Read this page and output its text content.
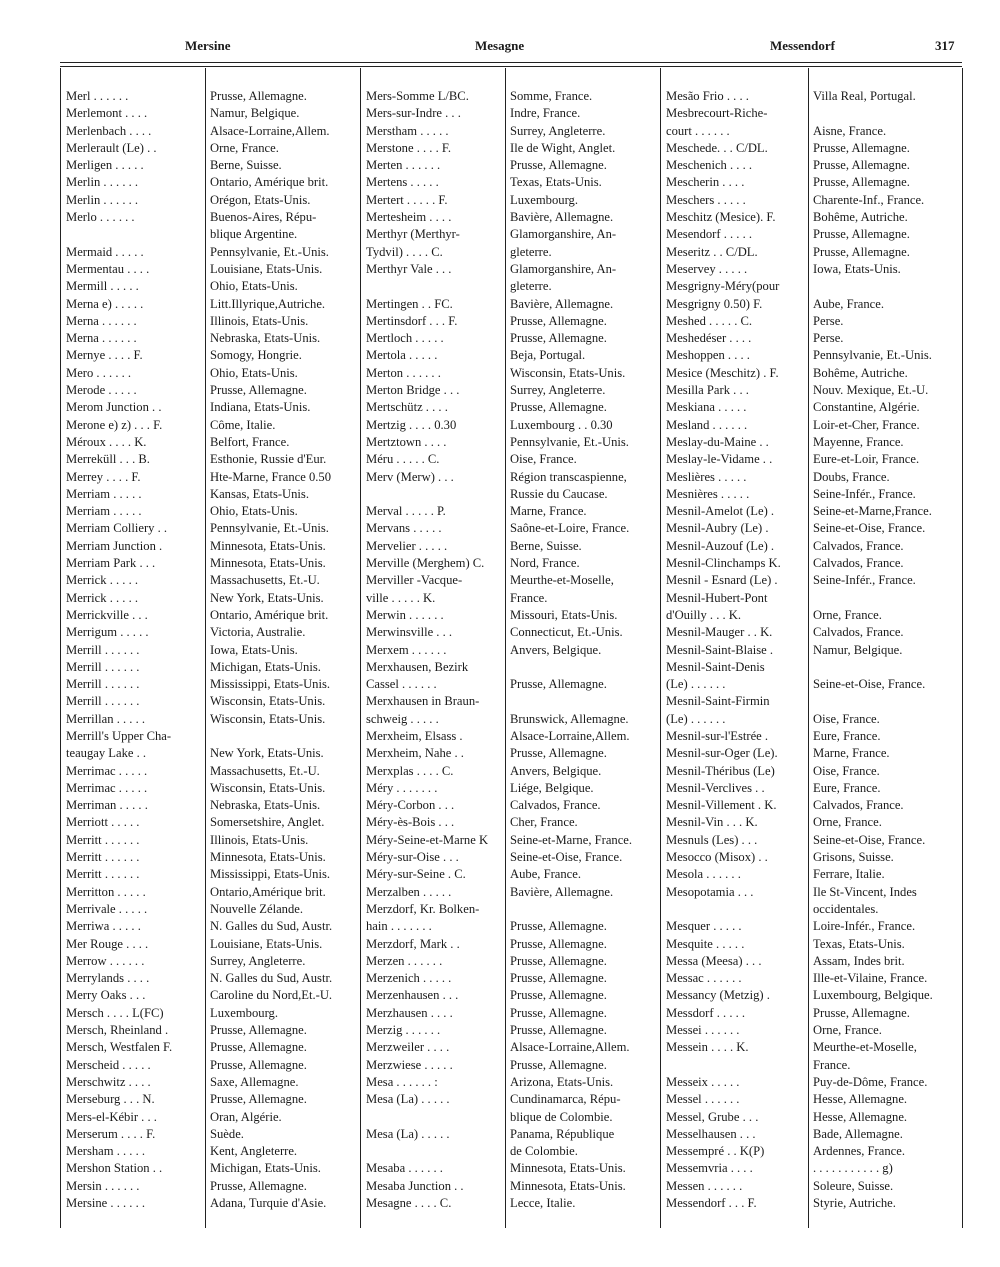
Mersine	Mesagne	Messendorf	317
Merl . . . . . .	Prusse, Allemagne.
Merlemont . . . .	Namur, Belgique.
Merlenbach . . . .	Alsace-Lorraine,Allem.
Merlerault (Le) . .	Orne, France.
Merligen . . . . .	Berne, Suisse.
Merlin . . . . . .	Ontario, Amérique brit.
Merlin . . . . . .	Orégon, Etats-Unis.
Merlo . . . . . .	Buenos-Aires, Répu-
blique Argentine.
Mermaid . . . . .	Pennsylvanie, Et.-Unis.
Mermentau . . . .	Louisiane, Etats-Unis.
Mermill . . . . .	Ohio, Etats-Unis.
Merna e) . . . . .	Litt.Illyrique,Autriche.
Merna . . . . . .	Illinois, Etats-Unis.
Merna . . . . . .	Nebraska, Etats-Unis.
Mernye . . . . F.	Somogy, Hongrie.
Mero . . . . . .	Ohio, Etats-Unis.
Merode . . . . .	Prusse, Allemagne.
Merom Junction . .	Indiana, Etats-Unis.
Merone e) z) . . . F.	Côme, Italie.
Méroux . . . . K.	Belfort, France.
Merreküll . . . B.	Esthonie, Russie d'Eur.
Merrey . . . . F.	Hte-Marne, France 0.50
Merriam . . . . .	Kansas, Etats-Unis.
Merriam . . . . .	Ohio, Etats-Unis.
Merriam Colliery . .	Pennsylvanie, Et.-Unis.
Merriam Junction .	Minnesota, Etats-Unis.
Merriam Park . . .	Minnesota, Etats-Unis.
Merrick . . . . .	Massachusetts, Et.-U.
Merrick . . . . .	New York, Etats-Unis.
Merrickville . . .	Ontario, Amérique brit.
Merrigum . . . . .	Victoria, Australie.
Merrill . . . . . .	Iowa, Etats-Unis.
Merrill . . . . . .	Michigan, Etats-Unis.
Merrill . . . . . .	Mississippi, Etats-Unis.
Merrill . . . . . .	Wisconsin, Etats-Unis.
Merrillan . . . . .	Wisconsin, Etats-Unis.
Merrill's Upper Cha-
teaugay Lake . .	New York, Etats-Unis.
Merrimac . . . . .	Massachusetts, Et.-U.
Merrimac . . . . .	Wisconsin, Etats-Unis.
Merriman . . . . .	Nebraska, Etats-Unis.
Merriott . . . . .	Somersetshire, Anglet.
Merritt . . . . . .	Illinois, Etats-Unis.
Merritt . . . . . .	Minnesota, Etats-Unis.
Merritt . . . . . .	Mississippi, Etats-Unis.
Merritton . . . . .	Ontario,Amérique brit.
Merrivale . . . . .	Nouvelle Zélande.
Merriwa . . . . .	N. Galles du Sud, Austr.
Mer Rouge . . . .	Louisiane, Etats-Unis.
Merrow . . . . . .	Surrey, Angleterre.
Merrylands . . . .	N. Galles du Sud, Austr.
Merry Oaks . . .	Caroline du Nord,Et.-U.
Mersch . . . . L(FC)	Luxembourg.
Mersch, Rheinland .	Prusse, Allemagne.
Mersch, Westfalen F.	Prusse, Allemagne.
Merscheid . . . . .	Prusse, Allemagne.
Merschwitz . . . .	Saxe, Allemagne.
Merseburg . . . N.	Prusse, Allemagne.
Mers-el-Kébir . . .	Oran, Algérie.
Merserum . . . . F.	Suède.
Mersham . . . . .	Kent, Angleterre.
Mershon Station . .	Michigan, Etats-Unis.
Mersin . . . . . .	Prusse, Allemagne.
Mersine . . . . . .	Adana, Turquie d'Asie.
Mers-Somme L/BC.	Somme, France.
Mers-sur-Indre . . .	Indre, France.
Merstham . . . . .	Surrey, Angleterre.
Merstone . . . . F.	Ile de Wight, Anglet.
Merten . . . . . .	Prusse, Allemagne.
Mertens . . . . .	Texas, Etats-Unis.
Mertert . . . . . F.	Luxembourg.
Mertesheim . . . .	Bavière, Allemagne.
Merthyr (Merthyr-	Glamorganshire, An-
Tydvil) . . . . C.	gleterre.
Merthyr Vale . . .	Glamorganshire, An-
gleterre.
Mertingen . . FC.	Bavière, Allemagne.
Mertinsdorf . . . F.	Prusse, Allemagne.
Mertloch . . . . .	Prusse, Allemagne.
Mertola . . . . .	Beja, Portugal.
Merton . . . . . .	Wisconsin, Etats-Unis.
Merton Bridge . . .	Surrey, Angleterre.
Mertschütz . . . .	Prusse, Allemagne.
Mertzig . . . . 0.30	Luxembourg . . 0.30
Mertztown . . . .	Pennsylvanie, Et.-Unis.
Méru . . . . . C.	Oise, France.
Merv (Merw) . . .	Région transcaspienne,
Russie du Caucase.
Merval . . . . . P.	Marne, France.
Mervans . . . . .	Saône-et-Loire, France.
Mervelier . . . . .	Berne, Suisse.
Merville (Merghem) C.	Nord, France.
Merviller -Vacque-	Meurthe-et-Moselle,
ville . . . . . K.	France.
Merwin . . . . . .	Missouri, Etats-Unis.
Merwinsville . . .	Connecticut, Et.-Unis.
Merxem . . . . . .	Anvers, Belgique.
Merxhausen, Bezirk
Cassel . . . . . .	Prusse, Allemagne.
Merxhausen in Braun-
schweig . . . . .	Brunswick, Allemagne.
Merxheim, Elsass .	Alsace-Lorraine,Allem.
Merxheim, Nahe . .	Prusse, Allemagne.
Merxplas . . . . C.	Anvers, Belgique.
Méry . . . . . . .	Liége, Belgique.
Méry-Corbon . . .	Calvados, France.
Méry-ès-Bois . . .	Cher, France.
Méry-Seine-et-Marne K	Seine-et-Marne, France.
Méry-sur-Oise . . .	Seine-et-Oise, France.
Méry-sur-Seine . C.	Aube, France.
Merzalben . . . . .	Bavière, Allemagne.
Merzdorf, Kr. Bolken-
hain . . . . . . .	Prusse, Allemagne.
Merzdorf, Mark . .	Prusse, Allemagne.
Merzen . . . . . .	Prusse, Allemagne.
Merzenich . . . . .	Prusse, Allemagne.
Merzenhausen . . .	Prusse, Allemagne.
Merzhausen . . . .	Prusse, Allemagne.
Merzig . . . . . .	Prusse, Allemagne.
Merzweiler . . . .	Alsace-Lorraine,Allem.
Merzwiese . . . . .	Prusse, Allemagne.
Mesa . . . . . . :	Arizona, Etats-Unis.
Mesa (La) . . . . .	Cundinamarca, Répu-
blique de Colombie.
Mesa (La) . . . . .	Panama, République
de Colombie.
Mesaba . . . . . .	Minnesota, Etats-Unis.
Mesaba Junction . .	Minnesota, Etats-Unis.
Mesagne . . . . C.	Lecce, Italie.
Mesão Frio . . . .	Villa Real, Portugal.
Mesbrecourt-Riche-
court . . . . . .	Aisne, France.
Meschede. . . C/DL.	Prusse, Allemagne.
Meschenich . . . .	Prusse, Allemagne.
Mescherin . . . .	Prusse, Allemagne.
Meschers . . . . .	Charente-Inf., France.
Meschitz (Mesice). F.	Bohême, Autriche.
Mesendorf . . . . .	Prusse, Allemagne.
Meseritz . . C/DL.	Prusse, Allemagne.
Meservey . . . . .	Iowa, Etats-Unis.
Mesgrigny-Méry(pour
Mesgrigny 0.50) F.	Aube, France.
Meshed . . . . . C.	Perse.
Meshedéser . . . .	Perse.
Meshoppen . . . .	Pennsylvanie, Et.-Unis.
Mesice (Meschitz) . F.	Bohême, Autriche.
Mesilla Park . . .	Nouv. Mexique, Et.-U.
Meskiana . . . . .	Constantine, Algérie.
Mesland . . . . . .	Loir-et-Cher, France.
Meslay-du-Maine . .	Mayenne, France.
Meslay-le-Vidame . .	Eure-et-Loir, France.
Meslières . . . . .	Doubs, France.
Mesnières . . . . .	Seine-Infér., France.
Mesnil-Amelot (Le) .	Seine-et-Marne,France.
Mesnil-Aubry (Le) .	Seine-et-Oise, France.
Mesnil-Auzouf (Le) .	Calvados, France.
Mesnil-Clinchamps K.	Calvados, France.
Mesnil - Esnard (Le) .	Seine-Infér., France.
Mesnil-Hubert-Pont
d'Ouilly . . . K.	Orne, France.
Mesnil-Mauger . . K.	Calvados, France.
Mesnil-Saint-Blaise .	Namur, Belgique.
Mesnil-Saint-Denis
(Le) . . . . . .	Seine-et-Oise, France.
Mesnil-Saint-Firmin
(Le) . . . . . .	Oise, France.
Mesnil-sur-l'Estrée .	Eure, France.
Mesnil-sur-Oger (Le).	Marne, France.
Mesnil-Théribus (Le)	Oise, France.
Mesnil-Verclives . .	Eure, France.
Mesnil-Villement . K.	Calvados, France.
Mesnil-Vin . . . K.	Orne, France.
Mesnuls (Les) . . .	Seine-et-Oise, France.
Mesocco (Misox) . .	Grisons, Suisse.
Mesola . . . . . .	Ferrare, Italie.
Mesopotamia . . .	Ile St-Vincent, Indes
occidentales.
Mesquer . . . . .	Loire-Infér., France.
Mesquite . . . . .	Texas, Etats-Unis.
Messa (Meesa) . . .	Assam, Indes brit.
Messac . . . . . .	Ille-et-Vilaine, France.
Messancy (Metzig) .	Luxembourg, Belgique.
Messdorf . . . . .	Prusse, Allemagne.
Messei . . . . . .	Orne, France.
Messein . . . . K.	Meurthe-et-Moselle,
France.
Messeix . . . . .	Puy-de-Dôme, France.
Messel . . . . . .	Hesse, Allemagne.
Messel, Grube . . .	Hesse, Allemagne.
Messelhausen . . .	Bade, Allemagne.
Messempré . . K(P)	Ardennes, France.
Messemvria . . . .	. . . . . . . . . . . g)
Messen . . . . . .	Soleure, Suisse.
Messendorf . . . F.	Styrie, Autriche.
